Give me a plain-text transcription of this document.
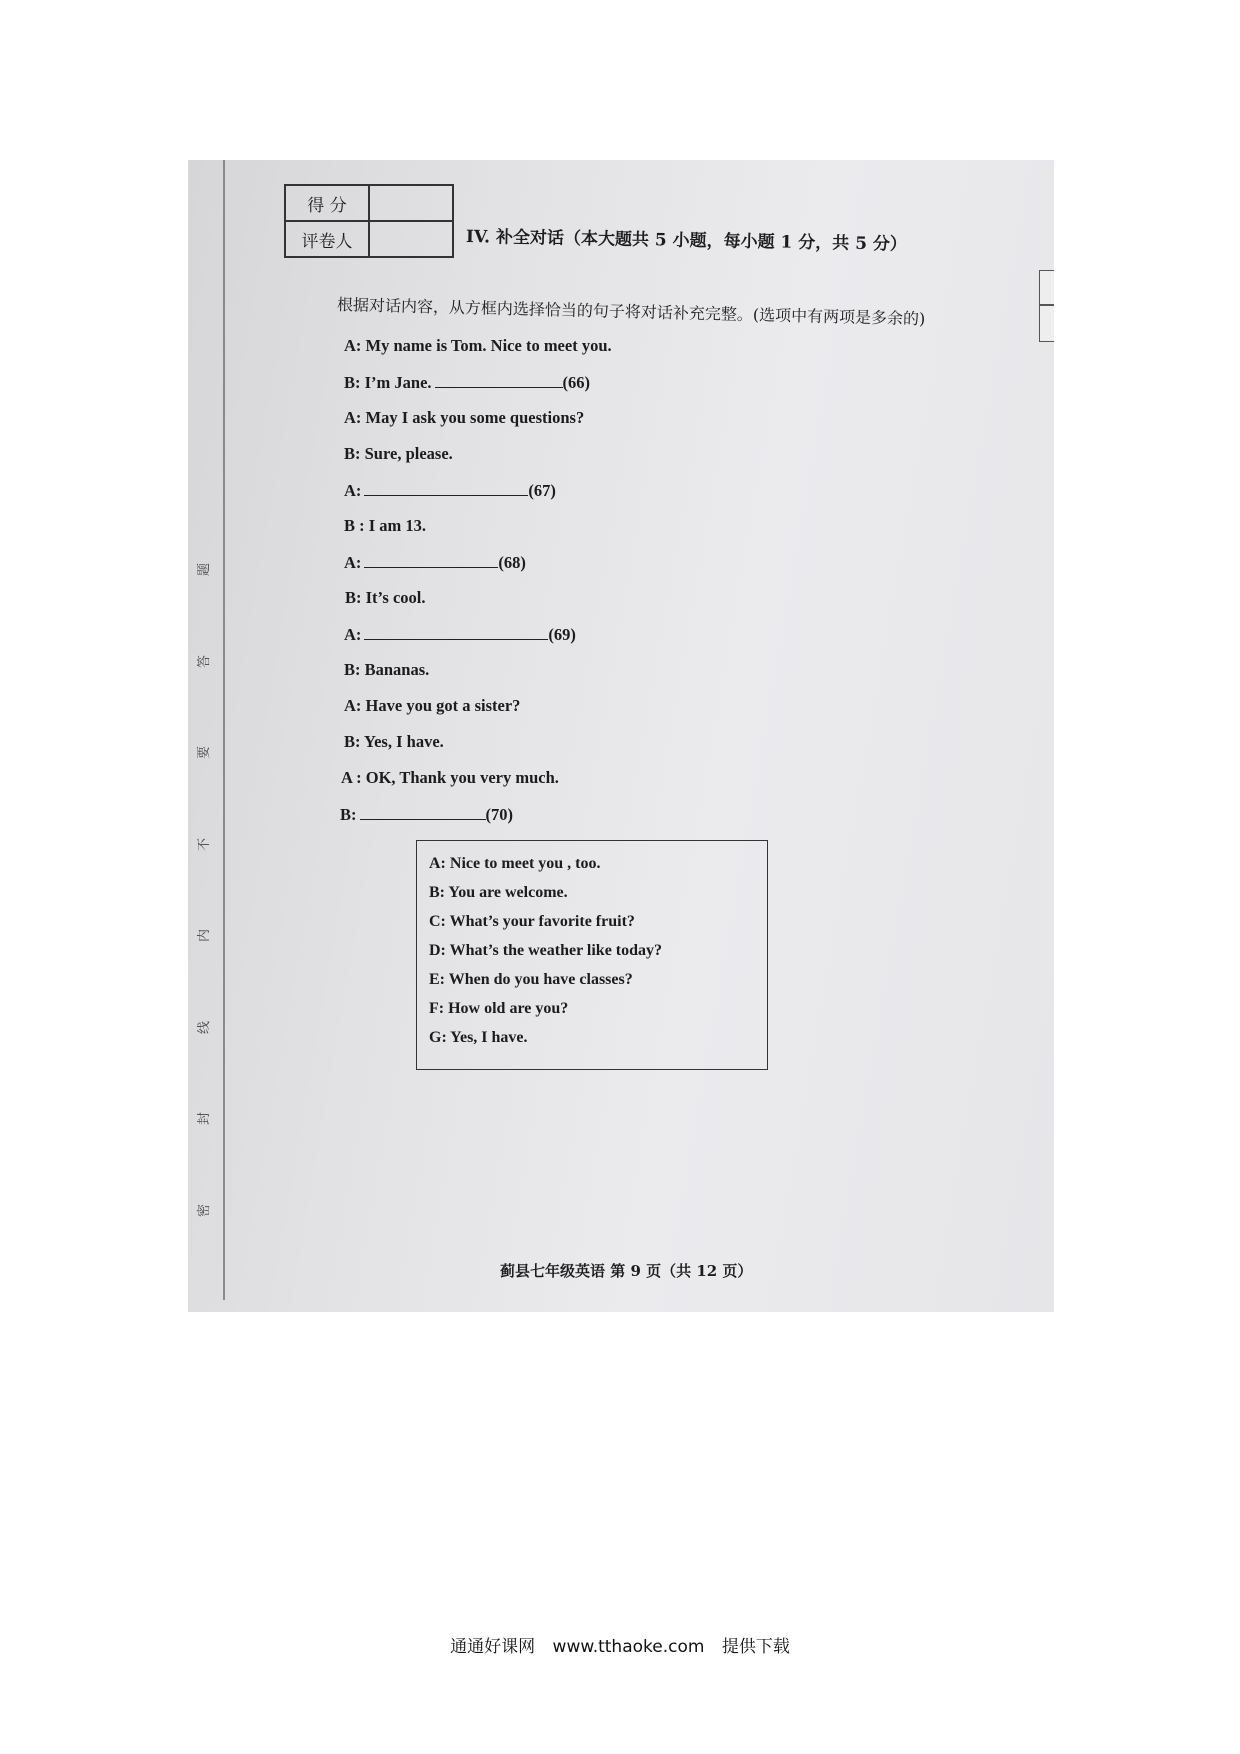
题
答
要
不
内
线
封
密
得 分	
评卷人		IV. 补全对话（本大题共 5 小题，每小题 1 分，共 5 分）
根据对话内容，从方框内选择恰当的句子将对话补充完整。(选项中有两项是多余的)
A: My name is Tom. Nice to meet you.
B: I’m Jane.	(66)
A: May I ask you some questions?
B: Sure, please.
A:	(67)
B : I am 13.
A:	(68)
B: It’s cool.
A:	(69)
B: Bananas.
A: Have you got a sister?
B: Yes, I have.
A : OK, Thank you very much.
B:	(70)
A: Nice to meet you , too.
B: You are welcome.
C: What’s your favorite fruit?
D: What’s the weather like today?
E: When do you have classes?
F: How old are you?
G: Yes, I have.
蓟县七年级英语 第 9 页（共 12 页）
通通好课网 www.tthaoke.com 提供下载
